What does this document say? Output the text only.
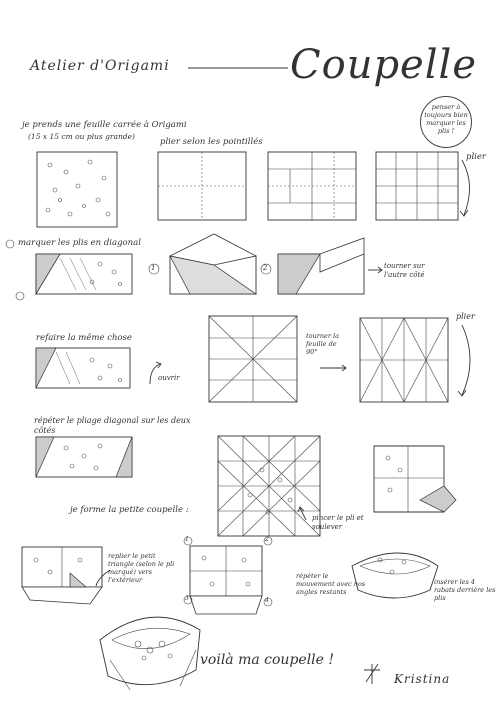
Atelier d'Origami	Coupelle
penser à toujours bien marquer les plis !
je prends une feuille carrée à Origami
(15 x 15 cm ou plus grande)
plier selon les pointillés
plier
marquer les plis en diagonal
1	2	tourner sur l'autre côté
refaire la même chose
ouvrir
tourner la feuille de 90°
plier
répéter le pliage diagonal sur les deux côtés
je forme la petite coupelle :
pincer le pli et soulever
replier le petit triangle (selon le pli marqué) vers l'extérieur	répéter le mouvement avec nos angles restants
insérer les 4 rabats derrière les plis
1	2
3	4
voilà ma coupelle !
Kristina
